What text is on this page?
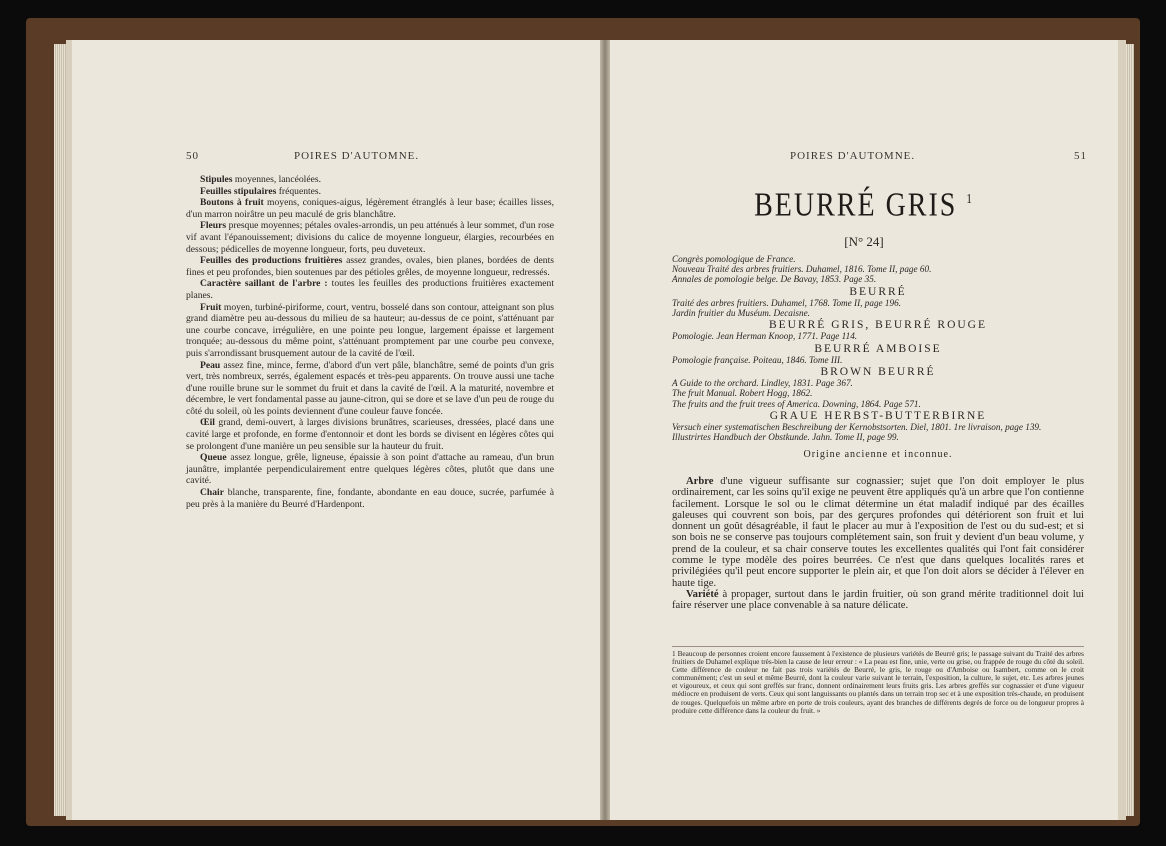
50	POIRES D'AUTOMNE.

Stipules moyennes, lancéolées.

Feuilles stipulaires fréquentes.

Boutons à fruit moyens, coniques-aigus, légèrement étranglés à leur base; écailles lisses, d'un marron noirâtre un peu maculé de gris blanchâtre.

Fleurs presque moyennes; pétales ovales-arrondis, un peu atténués à leur sommet, d'un rose vif avant l'épanouissement; divisions du calice de moyenne longueur, élargies, recourbées en dessous; pédicelles de moyenne longueur, forts, peu duveteux.

Feuilles des productions fruitières assez grandes, ovales, bien planes, bordées de dents fines et peu profondes, bien soutenues par des pétioles grêles, de moyenne longueur, redressés.

Caractère saillant de l'arbre : toutes les feuilles des productions fruitières exactement planes.

Fruit moyen, turbiné-piriforme, court, ventru, bosselé dans son contour, atteignant son plus grand diamètre peu au-dessous du milieu de sa hauteur; au-dessus de ce point, s'atténuant par une courbe concave, irrégulière, en une pointe peu longue, largement épaisse et largement tronquée; au-dessous du même point, s'atténuant promptement par une courbe peu convexe, puis s'arrondissant brusquement autour de la cavité de l'œil.

Peau assez fine, mince, ferme, d'abord d'un vert pâle, blanchâtre, semé de points d'un gris vert, très nombreux, serrés, également espacés et très-peu apparents. On trouve aussi une tache d'une rouille brune sur le sommet du fruit et dans la cavité de l'œil. A la maturité, novembre et décembre, le vert fondamental passe au jaune-citron, qui se dore et se lave d'un peu de rouge du côté du soleil, où les points deviennent d'une couleur fauve foncée.

Œil grand, demi-ouvert, à larges divisions brunâtres, scarieuses, dressées, placé dans une cavité large et profonde, en forme d'entonnoir et dont les bords se divisent en légères côtes qui se prolongent d'une manière un peu sensible sur la hauteur du fruit.

Queue assez longue, grêle, ligneuse, épaissie à son point d'attache au rameau, d'un brun jaunâtre, implantée perpendiculairement entre quelques légères côtes, plutôt que dans une cavité.

Chair blanche, transparente, fine, fondante, abondante en eau douce, sucrée, parfumée à peu près à la manière du Beurré d'Hardenpont.

POIRES D'AUTOMNE.	51
BEURRÉ GRIS $^1$
[N° 24]
Congrès pomologique de France.
Nouveau Traité des arbres fruitiers. Duhamel, 1816. Tome II, page 60.
Annales de pomologie belge. De Bavay, 1853. Page 35.
BEURRÉ
Traité des arbres fruitiers. Duhamel, 1768. Tome II, page 196.
Jardin fruitier du Muséum. Decaisne.
BEURRÉ GRIS, BEURRÉ ROUGE
Pomologie. Jean Herman Knoop, 1771. Page 114.
BEURRÉ AMBOISE
Pomologie française. Poiteau, 1846. Tome III.
BROWN BEURRÉ
A Guide to the orchard. Lindley, 1831. Page 367.
The fruit Manual. Robert Hogg, 1862.
The fruits and the fruit trees of America. Downing, 1864. Page 571.
GRAUE HERBST-BUTTERBIRNE
Versuch einer systematischen Beschreibung der Kernobstsorten. Diel, 1801. 1re livraison, page 139.
Illustrirtes Handbuch der Obstkunde. Jahn. Tome II, page 99.
Origine ancienne et inconnue.

Arbre d'une vigueur suffisante sur cognassier; sujet que l'on doit employer le plus ordinairement, car les soins qu'il exige ne peuvent être appliqués qu'à un arbre que l'on contienne facilement. Lorsque le sol ou le climat détermine un état maladif indiqué par des écailles galeuses qui couvrent son bois, par des gerçures profondes qui détériorent son fruit et lui donnent un goût désagréable, il faut le placer au mur à l'exposition de l'est ou du sud-est; et si son bois ne se conserve pas toujours complétement sain, son fruit y devient d'un beau volume, y prend de la couleur, et sa chair conserve toutes les excellentes qualités qui l'ont fait considérer comme le type modèle des poires beurrées. Ce n'est que dans quelques localités rares et privilégiées qu'il peut encore supporter le plein air, et que l'on doit alors se décider à l'élever en haute tige.

Variété à propager, surtout dans le jardin fruitier, où son grand mérite traditionnel doit lui faire réserver une place convenable à sa nature délicate.

1 Beaucoup de personnes croient encore faussement à l'existence de plusieurs variétés de Beurré gris; le passage suivant du Traité des arbres fruitiers de Duhamel explique très-bien la cause de leur erreur : « La peau est fine, unie, verte ou grise, ou frappée de rouge du côté du soleil. Cette différence de couleur ne fait pas trois variétés de Beurré, le gris, le rouge ou d'Amboise ou Isambert, comme on le croit communément; c'est un seul et même Beurré, dont la couleur varie suivant le terrain, l'exposition, la culture, le sujet, etc. Les arbres jeunes et vigoureux, et ceux qui sont greffés sur franc, donnent ordinairement leurs fruits gris. Les arbres greffés sur cognassier et d'une vigueur médiocre en produisent de verts. Ceux qui sont languissants ou plantés dans un terrain trop sec et à une exposition très-chaude, en produisent de rouges. Quelquefois un même arbre en porte de trois couleurs, ayant des branches de différents degrés de force ou de longueur propres à produire cette différence dans la couleur du fruit. »
